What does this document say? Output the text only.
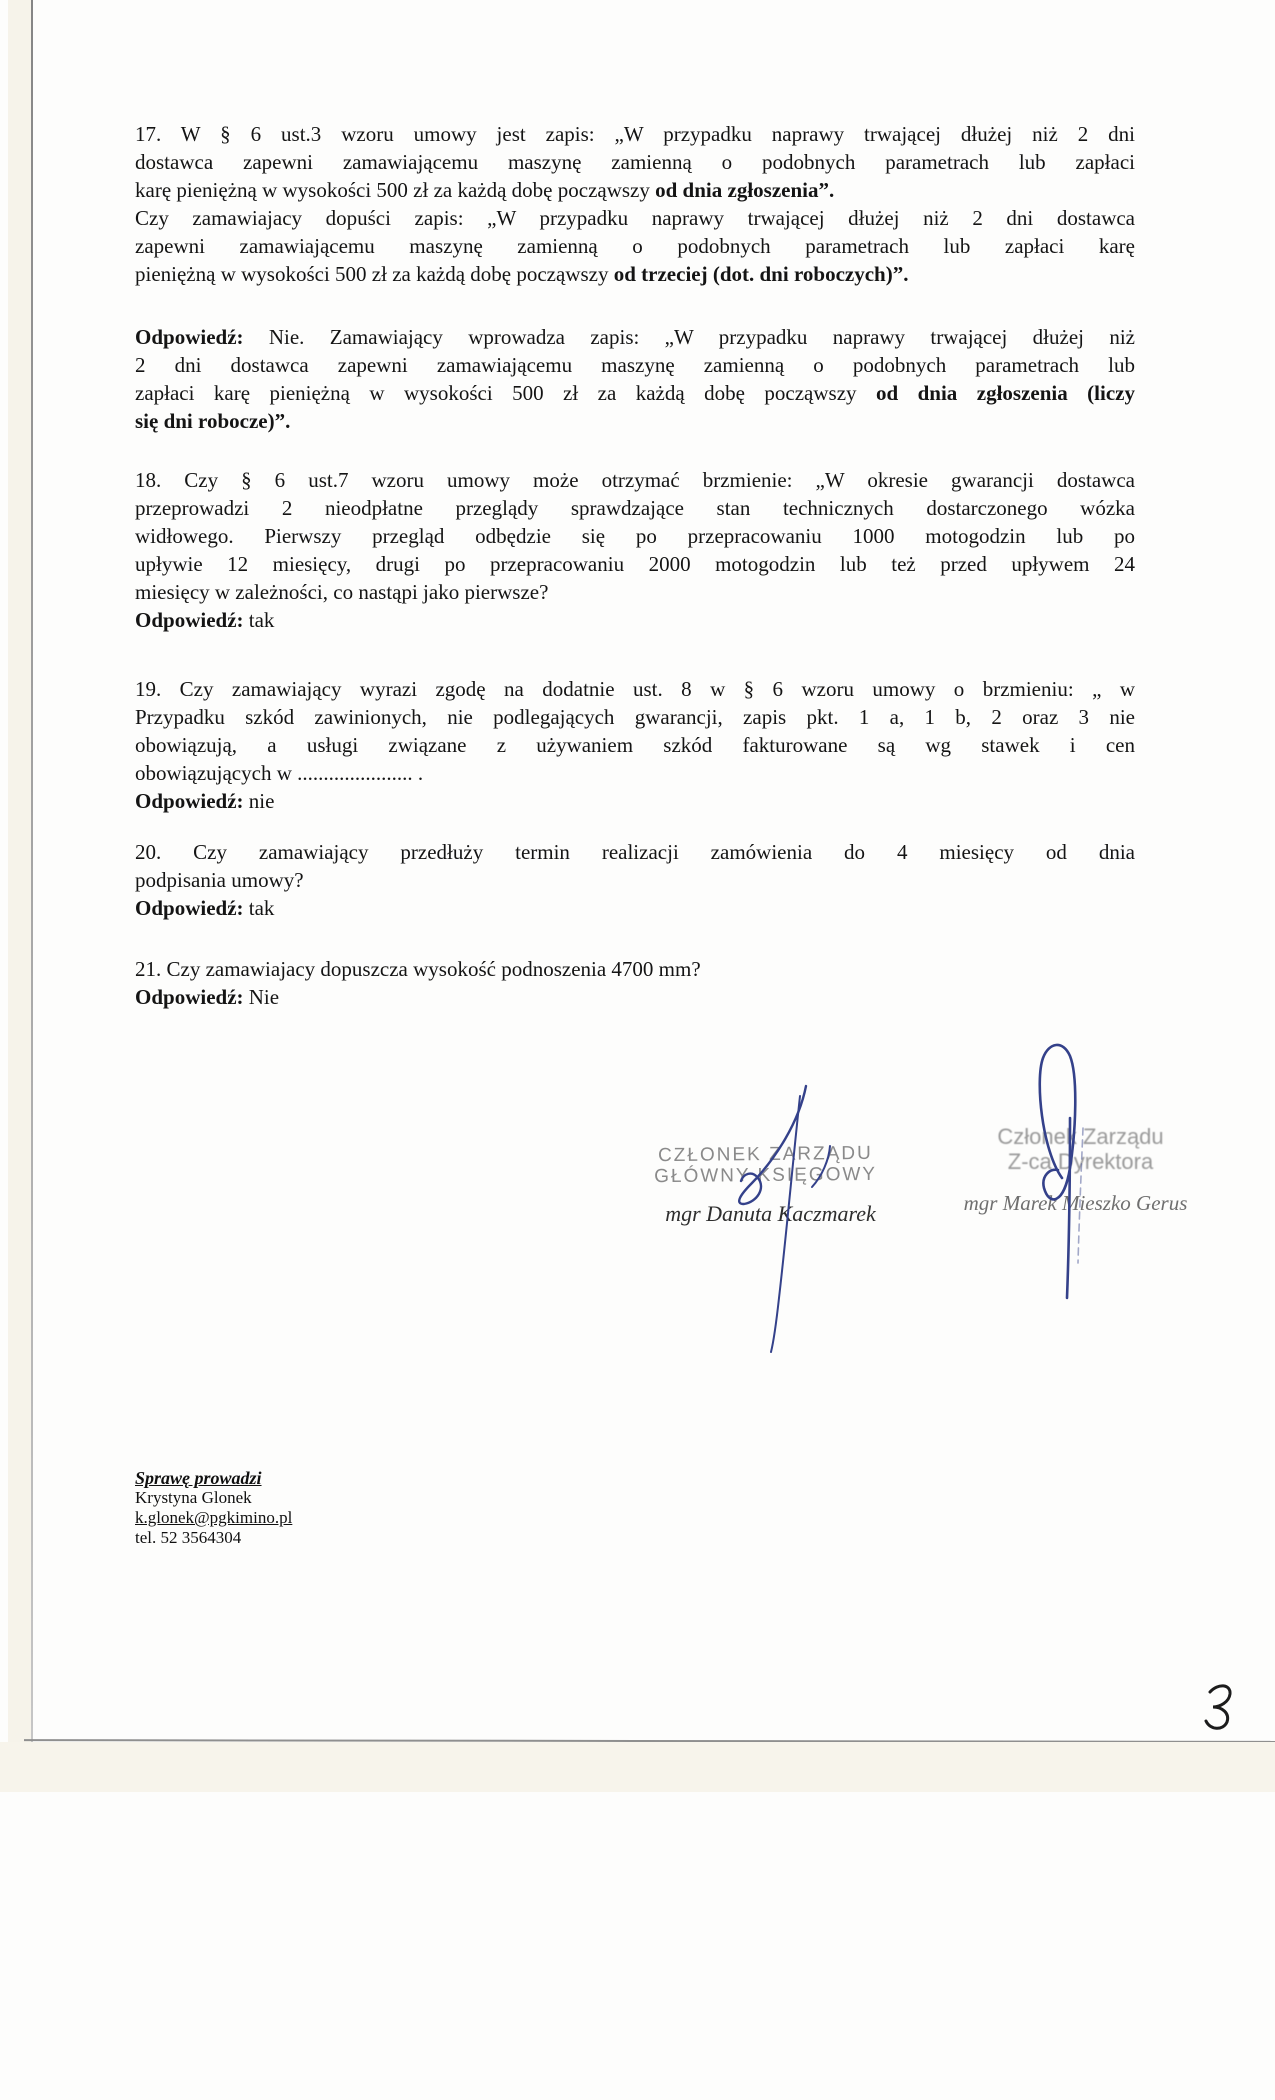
17. W § 6 ust.3 wzoru umowy jest zapis: „W przypadku naprawy trwającej dłużej niż 2 dni
dostawca zapewni zamawiającemu maszynę zamienną o podobnych parametrach lub zapłaci
karę pieniężną w wysokości 500 zł za każdą dobę począwszy od dnia zgłoszenia”.
Czy zamawiajacy dopuści zapis: „W przypadku naprawy trwającej dłużej niż 2 dni dostawca
zapewni zamawiającemu maszynę zamienną o podobnych parametrach lub zapłaci karę
pieniężną w wysokości 500 zł za każdą dobę począwszy od trzeciej (dot. dni roboczych)”.
Odpowiedź: Nie. Zamawiający wprowadza zapis: „W przypadku naprawy trwającej dłużej niż
2 dni dostawca zapewni zamawiającemu maszynę zamienną o podobnych parametrach lub
zapłaci karę pieniężną w wysokości 500 zł za każdą dobę począwszy od dnia zgłoszenia (liczy
się dni robocze)”.
18. Czy § 6 ust.7 wzoru umowy może otrzymać brzmienie: „W okresie gwarancji dostawca
przeprowadzi 2 nieodpłatne przeglądy sprawdzające stan technicznych dostarczonego wózka
widłowego. Pierwszy przegląd odbędzie się po przepracowaniu 1000 motogodzin lub po
upływie 12 miesięcy, drugi po przepracowaniu 2000 motogodzin lub też przed upływem 24
miesięcy w zależności, co nastąpi jako pierwsze?
Odpowiedź: tak
19. Czy zamawiający wyrazi zgodę na dodatnie ust. 8 w § 6 wzoru umowy o brzmieniu: „ w
Przypadku szkód zawinionych, nie podlegających gwarancji, zapis pkt. 1 a, 1 b, 2 oraz 3 nie
obowiązują, a usługi związane z używaniem szkód fakturowane są wg stawek i cen
obowiązujących w ...................... .
Odpowiedź: nie
20. Czy zamawiający przedłuży termin realizacji zamówienia do 4 miesięcy od dnia
podpisania umowy?
Odpowiedź: tak
21. Czy zamawiajacy dopuszcza wysokość podnoszenia 4700 mm?
Odpowiedź: Nie
CZŁONEK ZARZĄDU
GŁÓWNY KSIĘGOWY
mgr Danuta Kaczmarek
Członek Zarządu
Z-ca Dyrektora
mgr Marek Mieszko Gerus
Sprawę prowadzi
Krystyna Glonek
k.glonek@pgkimino.pl
tel. 52 3564304
